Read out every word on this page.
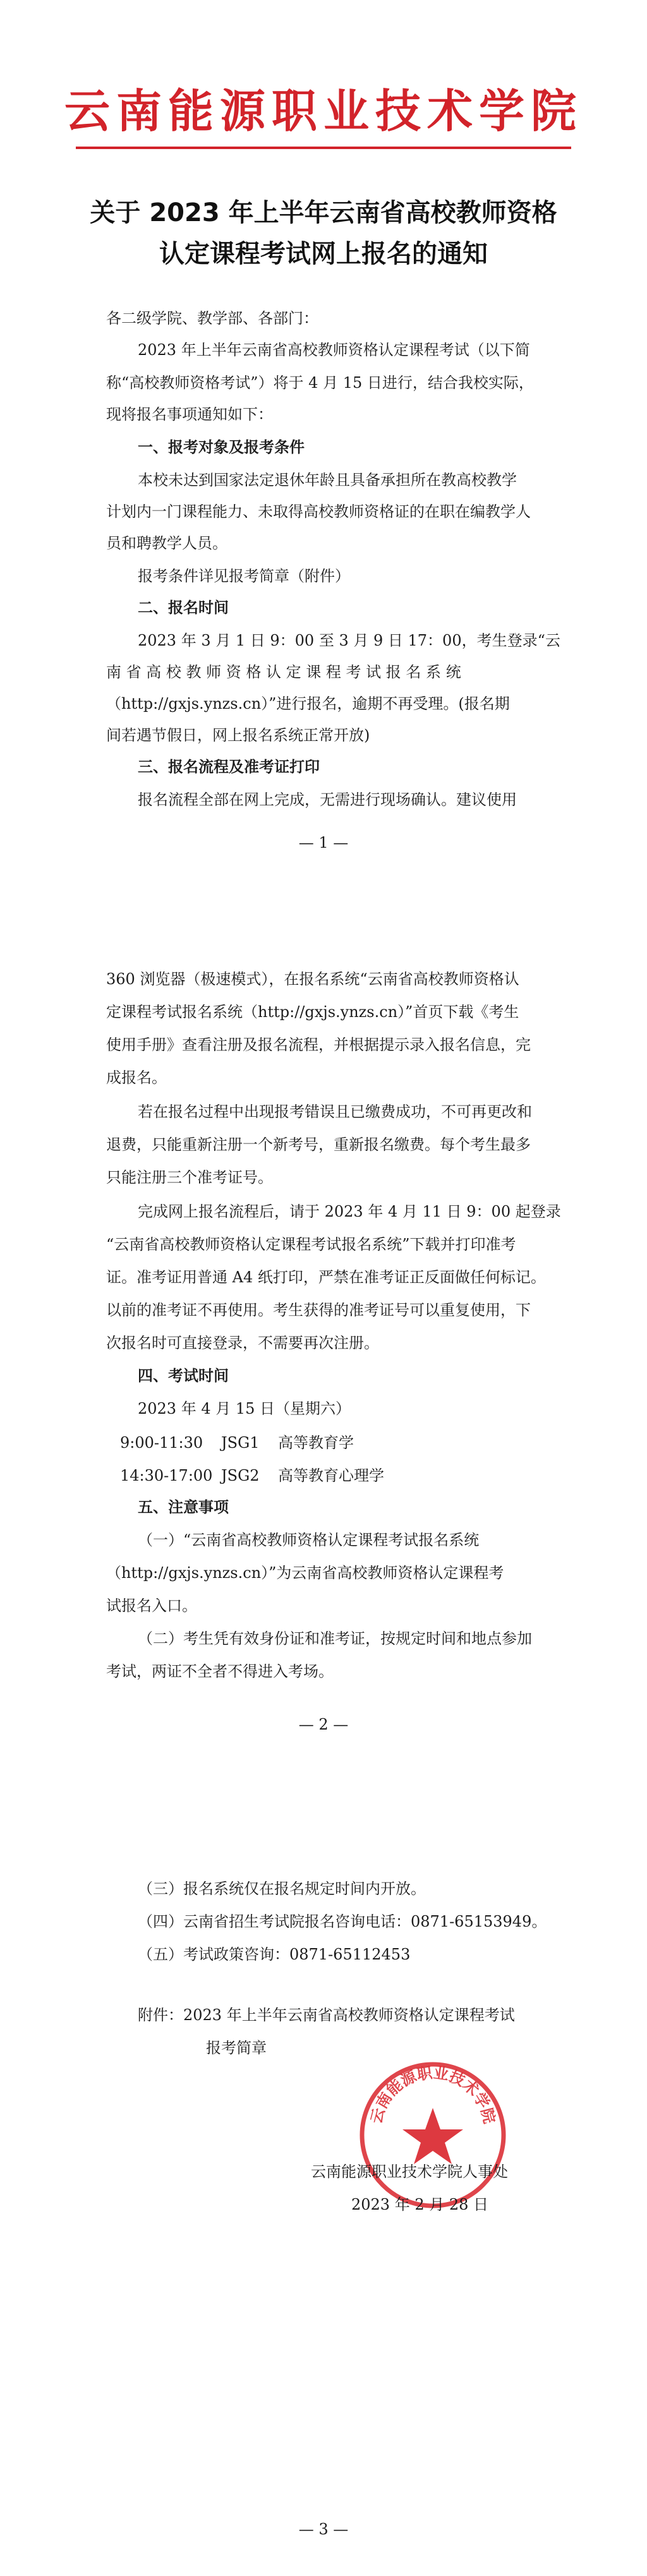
云南能源职业技术学院
关于 2023 年上半年云南省高校教师资格
认定课程考试网上报名的通知
各二级学院、教学部、各部门：
2023 年上半年云南省高校教师资格认定课程考试（以下简
称“高校教师资格考试”）将于 4 月 15 日进行，结合我校实际，
现将报名事项通知如下：
一、报考对象及报考条件
本校未达到国家法定退休年龄且具备承担所在教高校教学
计划内一门课程能力、未取得高校教师资格证的在职在编教学人
员和聘教学人员。
报考条件详见报考简章（附件）
二、报名时间
2023 年 3 月 1 日 9：00 至 3 月 9 日 17：00，考生登录“云
南 省 高 校 教 师 资 格 认 定 课 程 考 试 报 名 系 统
（http://gxjs.ynzs.cn）”进行报名，逾期不再受理。(报名期
间若遇节假日，网上报名系统正常开放)
三、报名流程及准考证打印
报名流程全部在网上完成，无需进行现场确认。建议使用
— 1 —
360 浏览器（极速模式），在报名系统“云南省高校教师资格认
定课程考试报名系统（http://gxjs.ynzs.cn）”首页下载《考生
使用手册》查看注册及报名流程，并根据提示录入报名信息，完
成报名。
若在报名过程中出现报考错误且已缴费成功，不可再更改和
退费，只能重新注册一个新考号，重新报名缴费。每个考生最多
只能注册三个准考证号。
完成网上报名流程后，请于 2023 年 4 月 11 日 9：00 起登录
“云南省高校教师资格认定课程考试报名系统”下载并打印准考
证。准考证用普通 A4 纸打印，严禁在准考证正反面做任何标记。
以前的准考证不再使用。考生获得的准考证号可以重复使用，下
次报名时可直接登录，不需要再次注册。
四、考试时间
2023 年 4 月 15 日（星期六）
9:00-11:30 JSG1 高等教育学
14:30-17:00 JSG2 高等教育心理学
五、注意事项
（一）“云南省高校教师资格认定课程考试报名系统
（http://gxjs.ynzs.cn）”为云南省高校教师资格认定课程考
试报名入口。
（二）考生凭有效身份证和准考证，按规定时间和地点参加
考试，两证不全者不得进入考场。
— 2 —
（三）报名系统仅在报名规定时间内开放。
（四）云南省招生考试院报名咨询电话：0871-65153949。
（五）考试政策咨询：0871-65112453
附件：2023 年上半年云南省高校教师资格认定课程考试
报考简章
云南能源职业技术学院
云南能源职业技术学院人事处
2023 年 2 月 28 日
— 3 —
